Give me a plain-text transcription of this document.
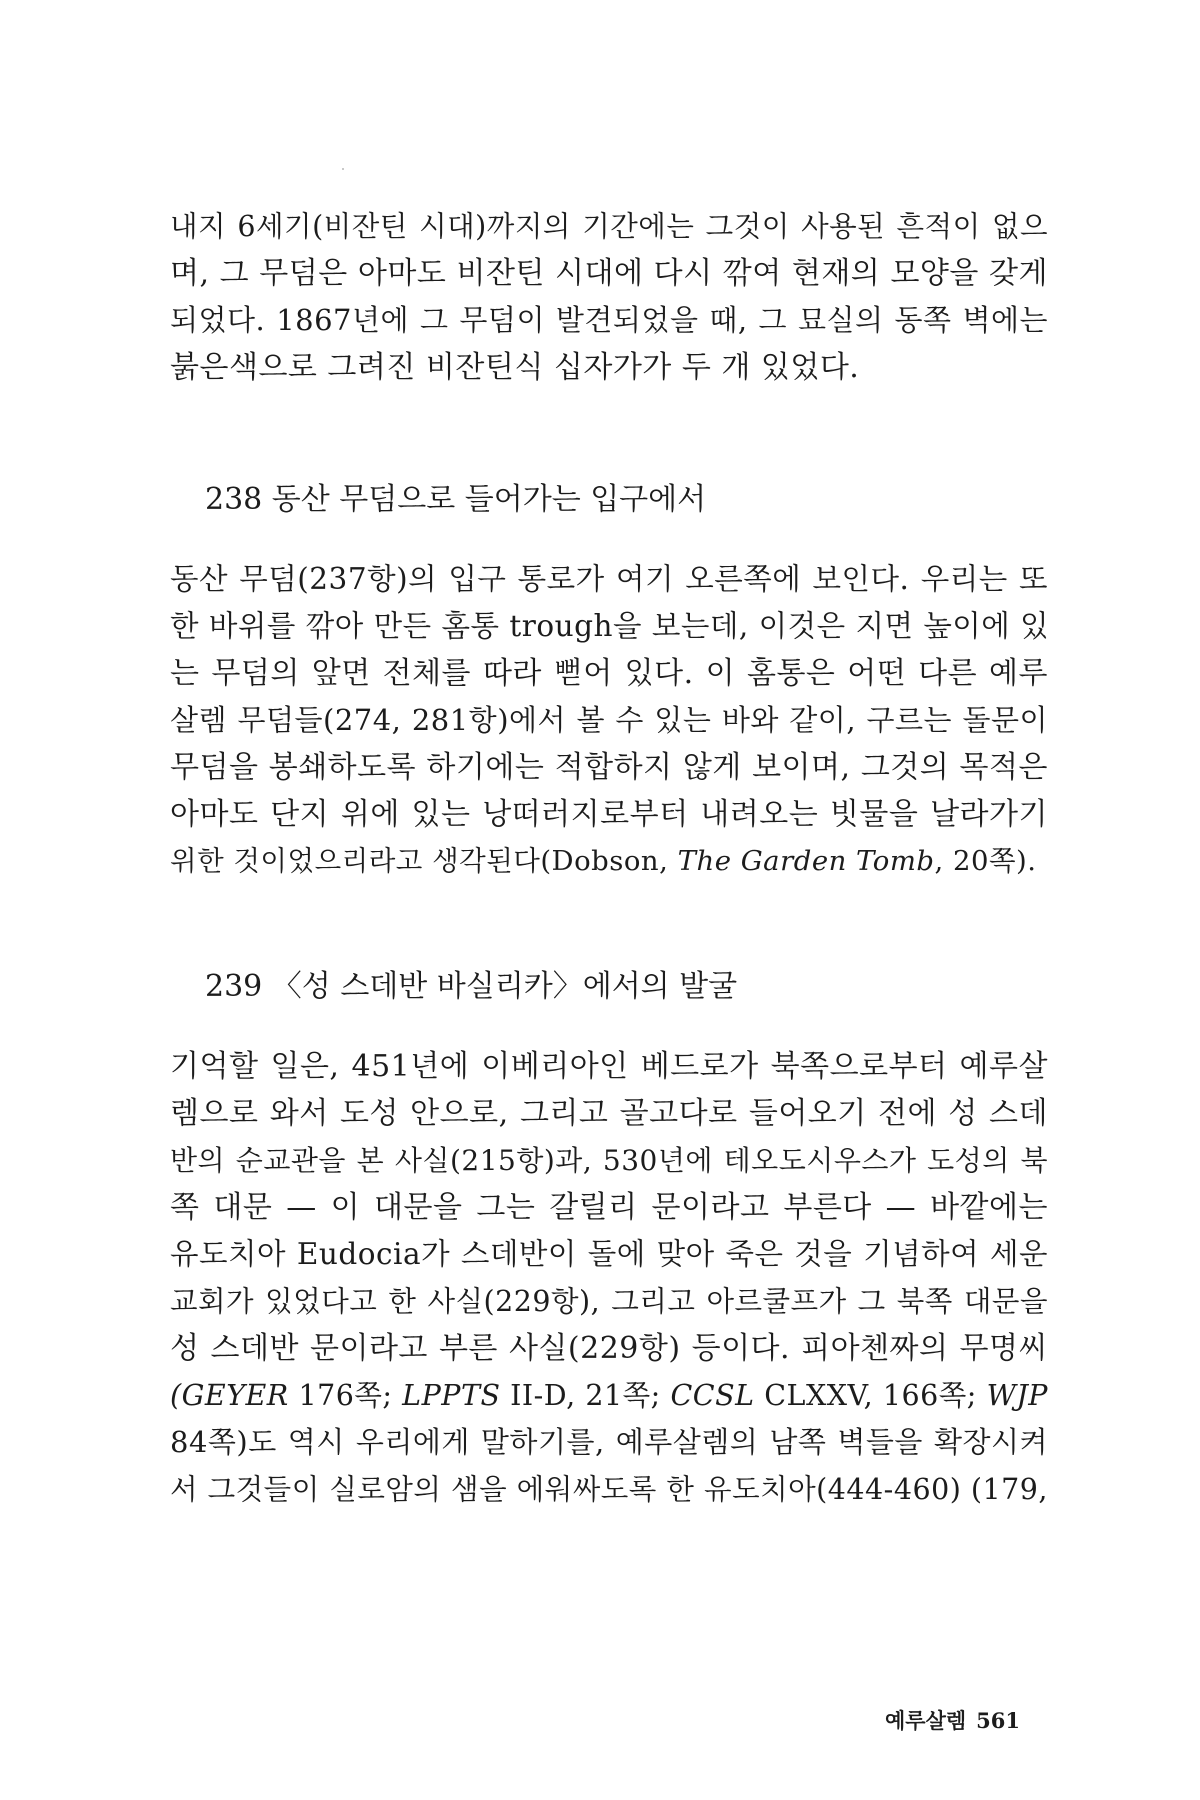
내지 6세기(비잔틴 시대)까지의 기간에는 그것이 사용된 흔적이 없으
며, 그 무덤은 아마도 비잔틴 시대에 다시 깎여 현재의 모양을 갖게
되었다. 1867년에 그 무덤이 발견되었을 때, 그 묘실의 동쪽 벽에는
붉은색으로 그려진 비잔틴식 십자가가 두 개 있었다.
238 동산 무덤으로 들어가는 입구에서
동산 무덤(237항)의 입구 통로가 여기 오른쪽에 보인다. 우리는 또
한 바위를 깎아 만든 홈통 trough을 보는데, 이것은 지면 높이에 있
는 무덤의 앞면 전체를 따라 뻗어 있다. 이 홈통은 어떤 다른 예루
살렘 무덤들(274, 281항)에서 볼 수 있는 바와 같이, 구르는 돌문이
무덤을 봉쇄하도록 하기에는 적합하지 않게 보이며, 그것의 목적은
아마도 단지 위에 있는 낭떠러지로부터 내려오는 빗물을 날라가기
위한 것이었으리라고 생각된다(Dobson, The Garden Tomb, 20쪽).
239 〈성 스데반 바실리카〉에서의 발굴
기억할 일은, 451년에 이베리아인 베드로가 북쪽으로부터 예루살
렘으로 와서 도성 안으로, 그리고 골고다로 들어오기 전에 성 스데
반의 순교관을 본 사실(215항)과, 530년에 테오도시우스가 도성의 북
쪽 대문 — 이 대문을 그는 갈릴리 문이라고 부른다 — 바깥에는
유도치아 Eudocia가 스데반이 돌에 맞아 죽은 것을 기념하여 세운
교회가 있었다고 한 사실(229항), 그리고 아르쿨프가 그 북쪽 대문을
성 스데반 문이라고 부른 사실(229항) 등이다. 피아첸짜의 무명씨
(GEYER 176쪽; LPPTS II-D, 21쪽; CCSL CLXXV, 166쪽; WJP
84쪽)도 역시 우리에게 말하기를, 예루살렘의 남쪽 벽들을 확장시켜
서 그것들이 실로암의 샘을 에워싸도록 한 유도치아(444-460) (179,
예루살렘 561
